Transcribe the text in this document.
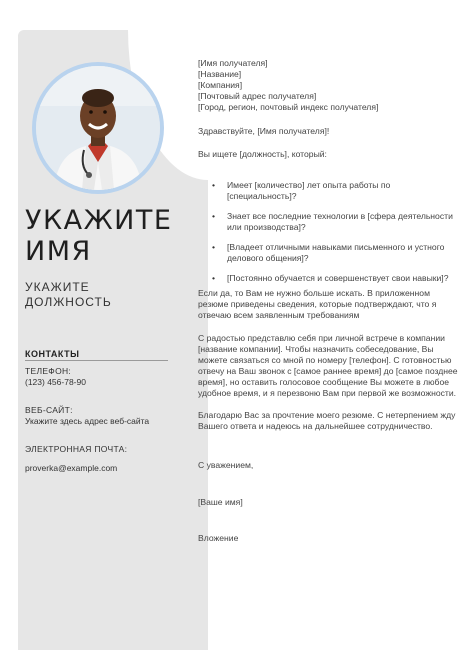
УКАЖИТЕ
ИМЯ
УКАЖИТЕ
ДОЛЖНОСТЬ
КОНТАКТЫ
ТЕЛЕФОН:
(123) 456-78-90
ВЕБ-САЙТ:
Укажите здесь адрес веб-сайта
ЭЛЕКТРОННАЯ ПОЧТА:
proverka@example.com
[Имя получателя]
[Название]
[Компания]
[Почтовый адрес получателя]
[Город, регион, почтовый индекс получателя]

Здравствуйте, [Имя получателя]!

Вы ищете [должность], который:

• Имеет [количество] лет опыта работы по [специальность]?
• Знает все последние технологии в [сфера деятельности или производства]?
• [Владеет отличными навыками письменного и устного делового общения]?
• [Постоянно обучается и совершенствует свои навыки]?

Если да, то Вам не нужно больше искать. В приложенном резюме приведены сведения, которые подтверждают, что я отвечаю всем заявленным требованиям

С радостью представлю себя при личной встрече в компании [название компании]. Чтобы назначить собеседование, Вы можете связаться со мной по номеру [телефон]. С готовностью отвечу на Ваш звонок с [самое раннее время] до [самое позднее время], но оставить голосовое сообщение Вы можете в любое удобное время, и я перезвоню Вам при первой же возможности.

Благодарю Вас за прочтение моего резюме. С нетерпением жду Вашего ответа и надеюсь на дальнейшее сотрудничество.

С уважением,

[Ваше имя]

Вложение
